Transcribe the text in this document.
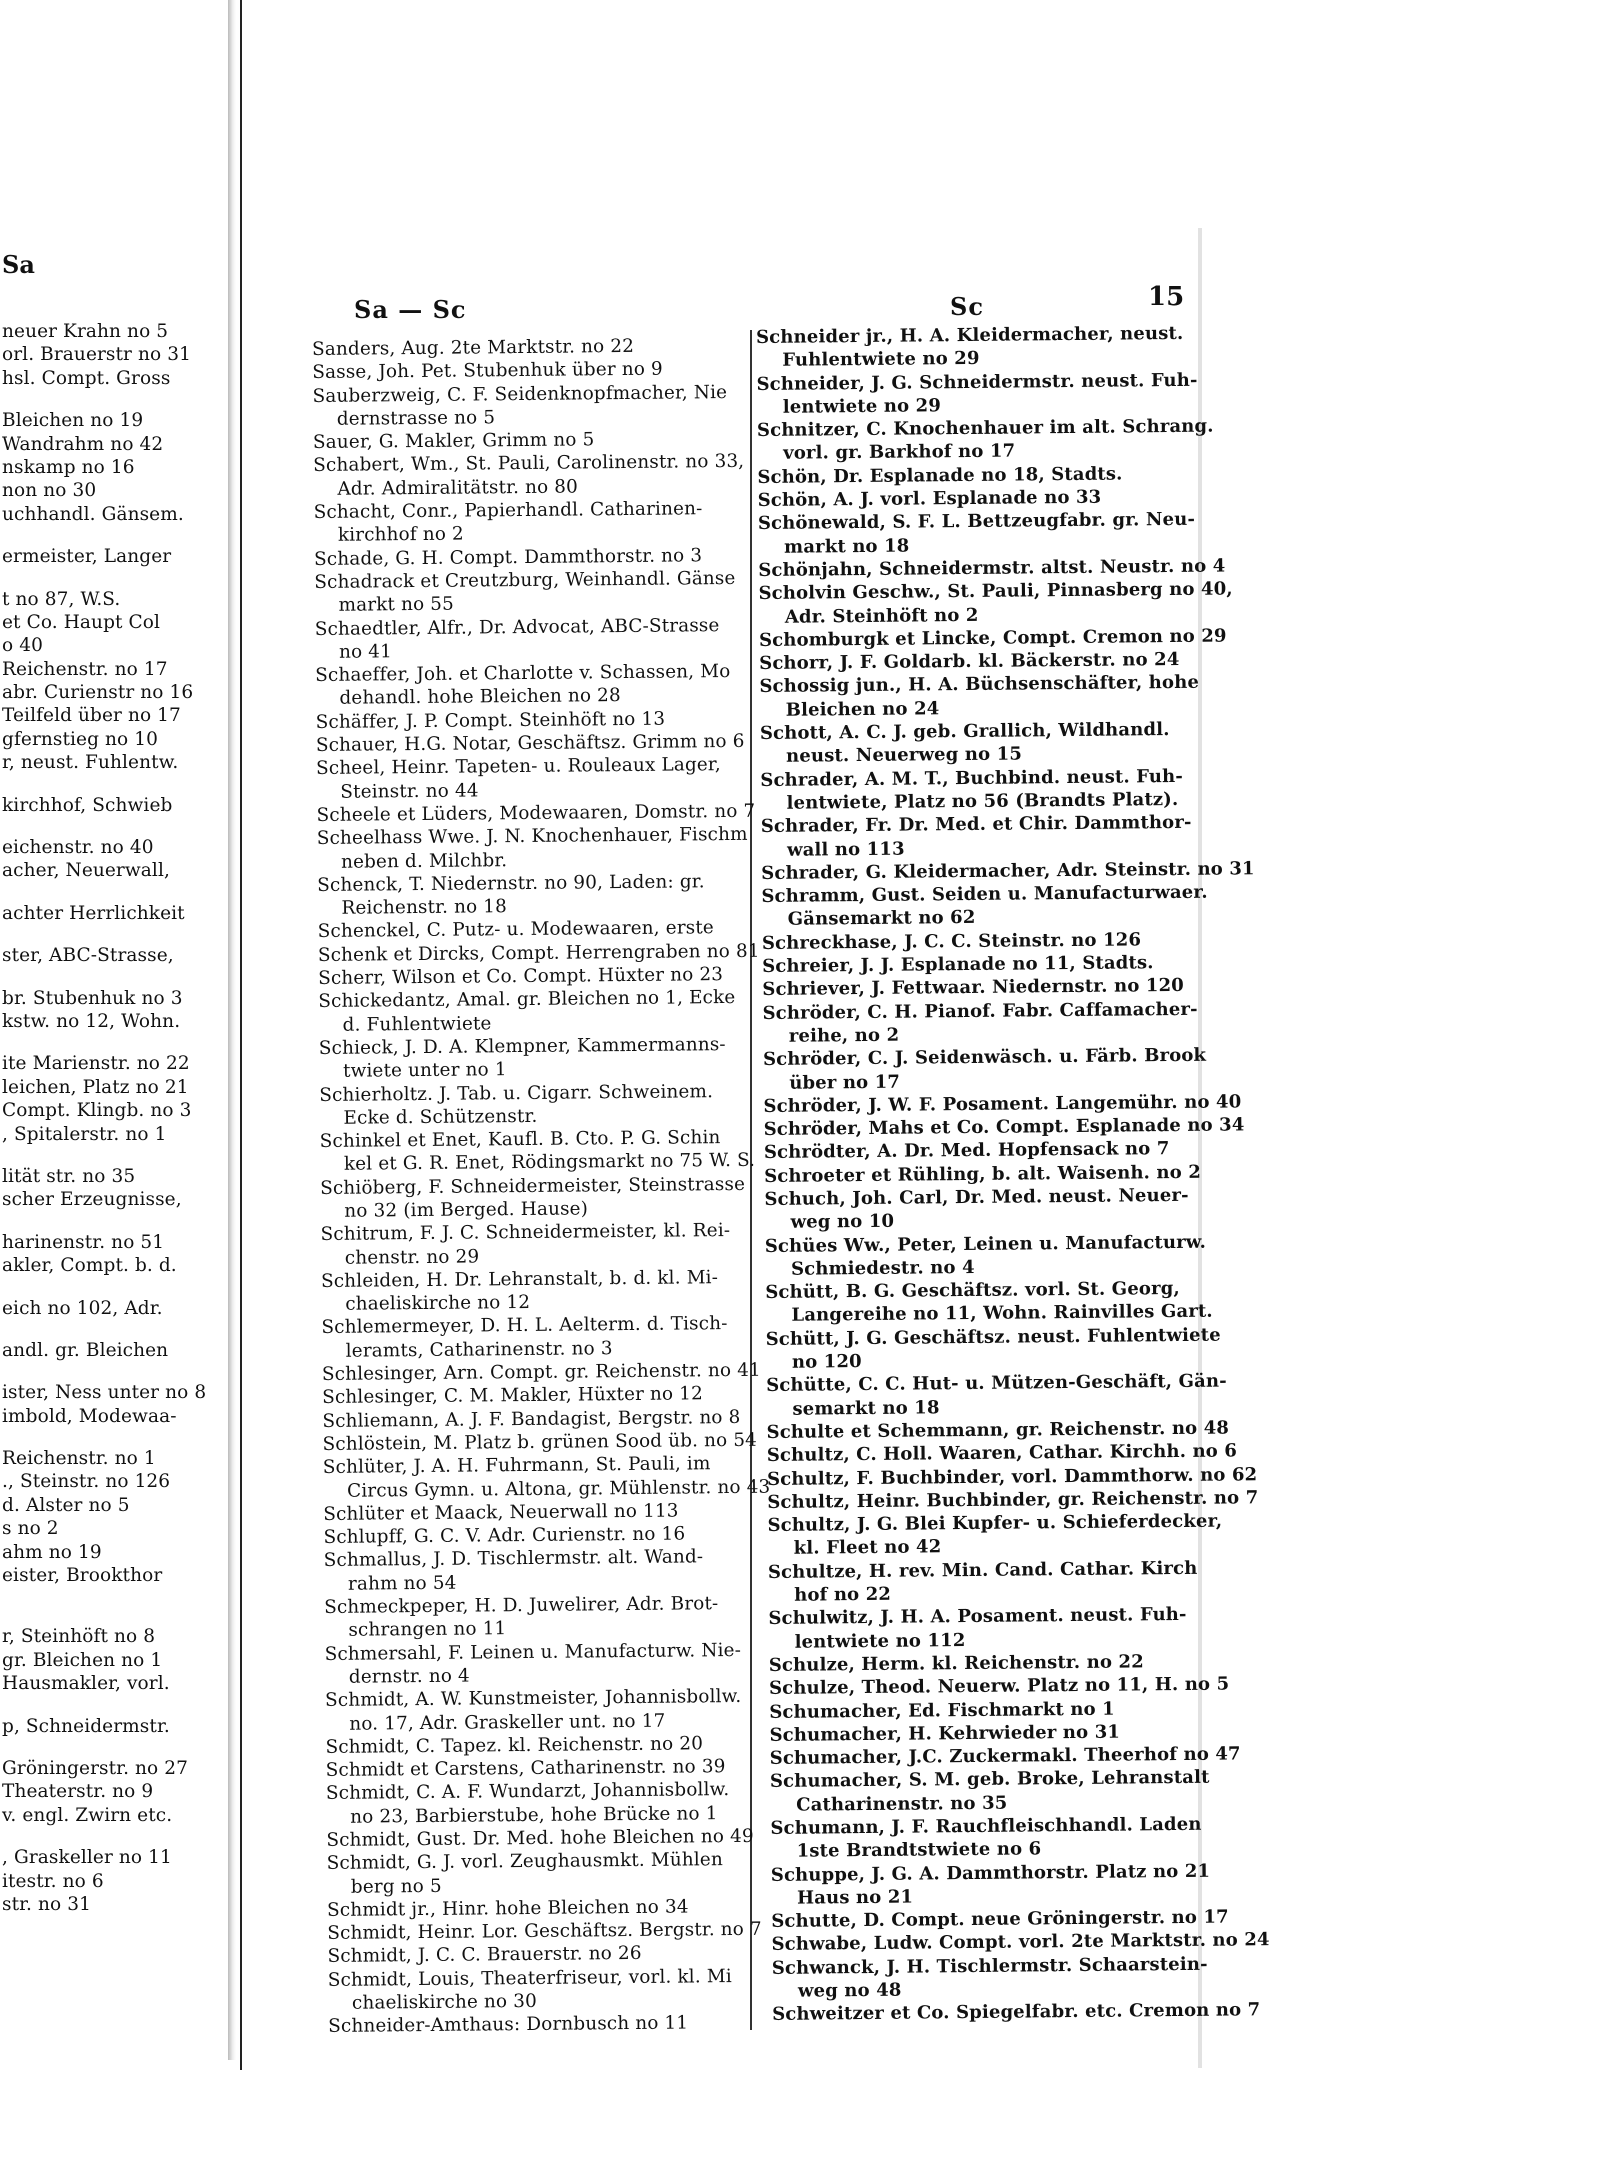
Sa
neuer Krahn no 5
orl. Brauerstr no 31
hsl. Compt. Gross
Bleichen no 19
Wandrahm no 42
nskamp no 16
non no 30
uchhandl. Gänsem.
ermeister, Langer
t no 87, W.S.
et Co. Haupt Col
o 40
Reichenstr. no 17
abr. Curienstr no 16
Teilfeld über no 17
gfernstieg no 10
r, neust. Fuhlentw.
kirchhof, Schwieb
eichenstr. no 40
acher, Neuerwall,
achter Herrlichkeit
ster, ABC-Strasse,
br. Stubenhuk no 3
kstw. no 12, Wohn.
ite Marienstr. no 22
leichen, Platz no 21
Compt. Klingb. no 3
, Spitalerstr. no 1
lität str. no 35
scher Erzeugnisse,
harinenstr. no 51
akler, Compt. b. d.
eich no 102, Adr.
andl. gr. Bleichen
ister, Ness unter no 8
imbold, Modewaa-
Reichenstr. no 1
., Steinstr. no 126
d. Alster no 5
s no 2
ahm no 19
eister, Brookthor
r, Steinhöft no 8
gr. Bleichen no 1
Hausmakler, vorl.
p, Schneidermstr.
Gröningerstr. no 27
Theaterstr. no 9
v. engl. Zwirn etc.
, Graskeller no 11
itestr. no 6
str. no 31
Sa — Sc	Sc	15
Sanders, Aug. 2te Marktstr. no 22
Sasse, Joh. Pet. Stubenhuk über no 9
Sauberzweig, C. F. Seidenknopfmacher, Nie
dernstrasse no 5
Sauer, G. Makler, Grimm no 5
Schabert, Wm., St. Pauli, Carolinenstr. no 33,
Adr. Admiralitätstr. no 80
Schacht, Conr., Papierhandl. Catharinen-
kirchhof no 2
Schade, G. H. Compt. Dammthorstr. no 3
Schadrack et Creutzburg, Weinhandl. Gänse
markt no 55
Schaedtler, Alfr., Dr. Advocat, ABC-Strasse
no 41
Schaeffer, Joh. et Charlotte v. Schassen, Mo
dehandl. hohe Bleichen no 28
Schäffer, J. P. Compt. Steinhöft no 13
Schauer, H.G. Notar, Geschäftsz. Grimm no 6
Scheel, Heinr. Tapeten- u. Rouleaux Lager,
Steinstr. no 44
Scheele et Lüders, Modewaaren, Domstr. no 7
Scheelhass Wwe. J. N. Knochenhauer, Fischm
neben d. Milchbr.
Schenck, T. Niedernstr. no 90, Laden: gr.
Reichenstr. no 18
Schenckel, C. Putz- u. Modewaaren, erste
Schenk et Dircks, Compt. Herrengraben no 81
Scherr, Wilson et Co. Compt. Hüxter no 23
Schickedantz, Amal. gr. Bleichen no 1, Ecke
d. Fuhlentwiete
Schieck, J. D. A. Klempner, Kammermanns-
twiete unter no 1
Schierholtz. J. Tab. u. Cigarr. Schweinem.
Ecke d. Schützenstr.
Schinkel et Enet, Kaufl. B. Cto. P. G. Schin
kel et G. R. Enet, Rödingsmarkt no 75 W. S.
Schiöberg, F. Schneidermeister, Steinstrasse
no 32 (im Berged. Hause)
Schitrum, F. J. C. Schneidermeister, kl. Rei-
chenstr. no 29
Schleiden, H. Dr. Lehranstalt, b. d. kl. Mi-
chaeliskirche no 12
Schlemermeyer, D. H. L. Aelterm. d. Tisch-
leramts, Catharinenstr. no 3
Schlesinger, Arn. Compt. gr. Reichenstr. no 41
Schlesinger, C. M. Makler, Hüxter no 12
Schliemann, A. J. F. Bandagist, Bergstr. no 8
Schlöstein, M. Platz b. grünen Sood üb. no 54
Schlüter, J. A. H. Fuhrmann, St. Pauli, im
Circus Gymn. u. Altona, gr. Mühlenstr. no 43
Schlüter et Maack, Neuerwall no 113
Schlupff, G. C. V. Adr. Curienstr. no 16
Schmallus, J. D. Tischlermstr. alt. Wand-
rahm no 54
Schmeckpeper, H. D. Juwelirer, Adr. Brot-
schrangen no 11
Schmersahl, F. Leinen u. Manufacturw. Nie-
dernstr. no 4
Schmidt, A. W. Kunstmeister, Johannisbollw.
no. 17, Adr. Graskeller unt. no 17
Schmidt, C. Tapez. kl. Reichenstr. no 20
Schmidt et Carstens, Catharinenstr. no 39
Schmidt, C. A. F. Wundarzt, Johannisbollw.
no 23, Barbierstube, hohe Brücke no 1
Schmidt, Gust. Dr. Med. hohe Bleichen no 49
Schmidt, G. J. vorl. Zeughausmkt. Mühlen
berg no 5
Schmidt jr., Hinr. hohe Bleichen no 34
Schmidt, Heinr. Lor. Geschäftsz. Bergstr. no 7
Schmidt, J. C. C. Brauerstr. no 26
Schmidt, Louis, Theaterfriseur, vorl. kl. Mi
chaeliskirche no 30
Schneider-Amthaus: Dornbusch no 11
Schneider jr., H. A. Kleidermacher, neust.
Fuhlentwiete no 29
Schneider, J. G. Schneidermstr. neust. Fuh-
lentwiete no 29
Schnitzer, C. Knochenhauer im alt. Schrang.
vorl. gr. Barkhof no 17
Schön, Dr. Esplanade no 18, Stadts.
Schön, A. J. vorl. Esplanade no 33
Schönewald, S. F. L. Bettzeugfabr. gr. Neu-
markt no 18
Schönjahn, Schneidermstr. altst. Neustr. no 4
Scholvin Geschw., St. Pauli, Pinnasberg no 40,
Adr. Steinhöft no 2
Schomburgk et Lincke, Compt. Cremon no 29
Schorr, J. F. Goldarb. kl. Bäckerstr. no 24
Schossig jun., H. A. Büchsenschäfter, hohe
Bleichen no 24
Schott, A. C. J. geb. Grallich, Wildhandl.
neust. Neuerweg no 15
Schrader, A. M. T., Buchbind. neust. Fuh-
lentwiete, Platz no 56 (Brandts Platz).
Schrader, Fr. Dr. Med. et Chir. Dammthor-
wall no 113
Schrader, G. Kleidermacher, Adr. Steinstr. no 31
Schramm, Gust. Seiden u. Manufacturwaer.
Gänsemarkt no 62
Schreckhase, J. C. C. Steinstr. no 126
Schreier, J. J. Esplanade no 11, Stadts.
Schriever, J. Fettwaar. Niedernstr. no 120
Schröder, C. H. Pianof. Fabr. Caffamacher-
reihe, no 2
Schröder, C. J. Seidenwäsch. u. Färb. Brook
über no 17
Schröder, J. W. F. Posament. Langemühr. no 40
Schröder, Mahs et Co. Compt. Esplanade no 34
Schrödter, A. Dr. Med. Hopfensack no 7
Schroeter et Rühling, b. alt. Waisenh. no 2
Schuch, Joh. Carl, Dr. Med. neust. Neuer-
weg no 10
Schües Ww., Peter, Leinen u. Manufacturw.
Schmiedestr. no 4
Schütt, B. G. Geschäftsz. vorl. St. Georg,
Langereihe no 11, Wohn. Rainvilles Gart.
Schütt, J. G. Geschäftsz. neust. Fuhlentwiete
no 120
Schütte, C. C. Hut- u. Mützen-Geschäft, Gän-
semarkt no 18
Schulte et Schemmann, gr. Reichenstr. no 48
Schultz, C. Holl. Waaren, Cathar. Kirchh. no 6
Schultz, F. Buchbinder, vorl. Dammthorw. no 62
Schultz, Heinr. Buchbinder, gr. Reichenstr. no 7
Schultz, J. G. Blei Kupfer- u. Schieferdecker,
kl. Fleet no 42
Schultze, H. rev. Min. Cand. Cathar. Kirch
hof no 22
Schulwitz, J. H. A. Posament. neust. Fuh-
lentwiete no 112
Schulze, Herm. kl. Reichenstr. no 22
Schulze, Theod. Neuerw. Platz no 11, H. no 5
Schumacher, Ed. Fischmarkt no 1
Schumacher, H. Kehrwieder no 31
Schumacher, J.C. Zuckermakl. Theerhof no 47
Schumacher, S. M. geb. Broke, Lehranstalt
Catharinenstr. no 35
Schumann, J. F. Rauchfleischhandl. Laden
1ste Brandtstwiete no 6
Schuppe, J. G. A. Dammthorstr. Platz no 21
Haus no 21
Schutte, D. Compt. neue Gröningerstr. no 17
Schwabe, Ludw. Compt. vorl. 2te Marktstr. no 24
Schwanck, J. H. Tischlermstr. Schaarstein-
weg no 48
Schweitzer et Co. Spiegelfabr. etc. Cremon no 7
